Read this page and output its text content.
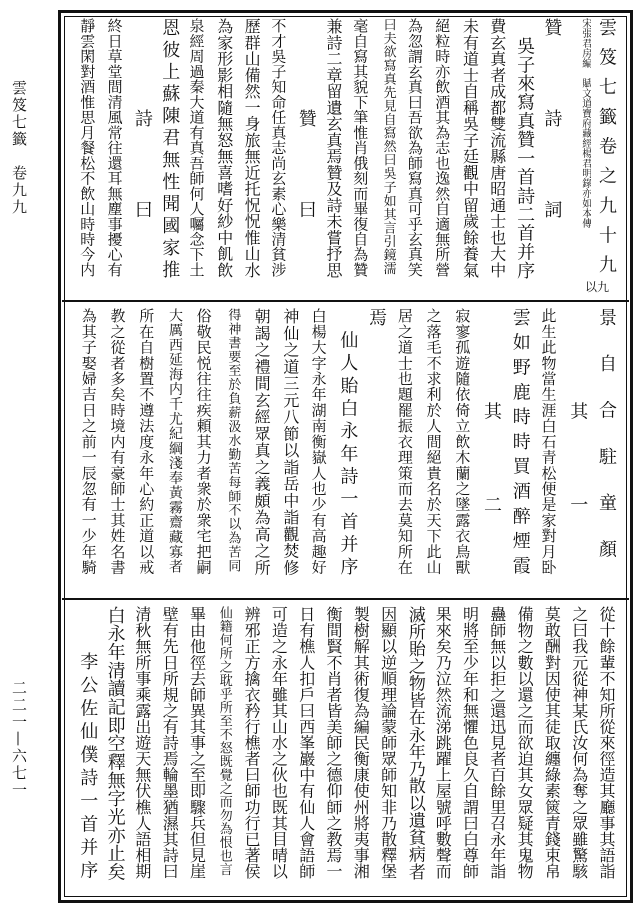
雲笈七籤　卷九九
二二一—六七一
雲笈七籤卷之九十九
宋張君房編　賦文道寶府藏經楊君明錄亦如本傳
贊詩詞
　吳子來寫真贊一首詩二首并序
費玄真者成都雙流縣唐昭通士也大中
未有道士自稱吳子廷觀中留歲餘養氣
絕粒時亦飲酒其為志也逸然自適無所營
為忽謂玄真曰吾欲為師寫真可乎玄真笑
曰夫欲寫真先見自寫然曰吳子如其言引鏡濡
毫自寫其貌下筆惟肖俄刻而畢復自為贊
兼詩二章留遺玄真焉贊及詩未嘗抒思
　贊曰
不才吳子知命任真志尚玄素心樂清貧涉
歷群山備然一身旅無近托怳怳惟山水
為家形影相隨無怒無喜嗜好紗中飢飲
泉經周過秦大道有真吾師何人囑念下土
恩彼上蘇陳君無性聞國家推
　詩曰
終日草堂間清風常往還耳無塵事擾心有
靜雲閑對酒惟思月餐松不飲山時時今内
以九
景自合駐童顏
　其一
此生此物當生涯白石青松便是家對月卧
雲如野鹿時時買酒醉煙霞
　其二
寂寥孤遊隨依倚立飲木蘭之墜露衣鳥獸
之落毛不求利於人間絕貴名於天下此山
居之道士也題罷振衣理策而去莫知所在
焉
　仙人貽白永年詩一首并序
白楊大字永年湖南衡嶽人也少有高趣好
神仙之道三元八節以詣岳中詣觀焚修
朝謁之禮間玄經眾真之義頗為高之所
得神書要至於負薪汲水勤苦每師不以為苦同
俗敬民悦往往疾頼其力者衆於衆宅把嗣
大厲西延海内千尤紀綱淺奉黃霧齋藏寡者
所在自樹置不遵法度永年心約正道以戒
教之從者多矣時境内有豪師士其姓名書
為其子娶婦吉日之前一辰忽有一少年騎
從十餘輩不知所從來徑造其廳事其語詣
之曰我元從神某氏汝何為奪之眾雖驚駭
莫敢酬對因使其徒取纏綠素篋青錢束帛
備物之數以還之而欲迫其女眾疑其鬼物
蠱師無以拒之還迅見者百餘里召永年詣
明將至少年和無懼色良久自謂曰白尊師
果來矣乃泣然流涕跳躍上屋號呼數聲而
滅所貽之物皆在永年乃散以遺貧病者
因顯以逆順理論蒙師眾師知非乃散釋堡
製樹解其術復為編民衡康使州將夷事湘
衡間賢不肖者皆美師之德仰師之教焉一
日有樵人扣戶曰西峯巖中有仙人會語師
可造之永年雖其山水之伙也既其目晴以
辨邪正方擒衣矜行樵者曰師功行已著侯
仙籍何所之耽乎所至不怒既覺之而勿為恨也言
畢由他徑去師異其事之至即驟兵但見崖
壁有先日所規之有詩焉輪墨猶濕其詩曰
清秋無所事乘露出遊天無伏樵人語相期
白永年清讀記即空釋無字光亦止矣
　　李公佐仙僕詩一首并序
